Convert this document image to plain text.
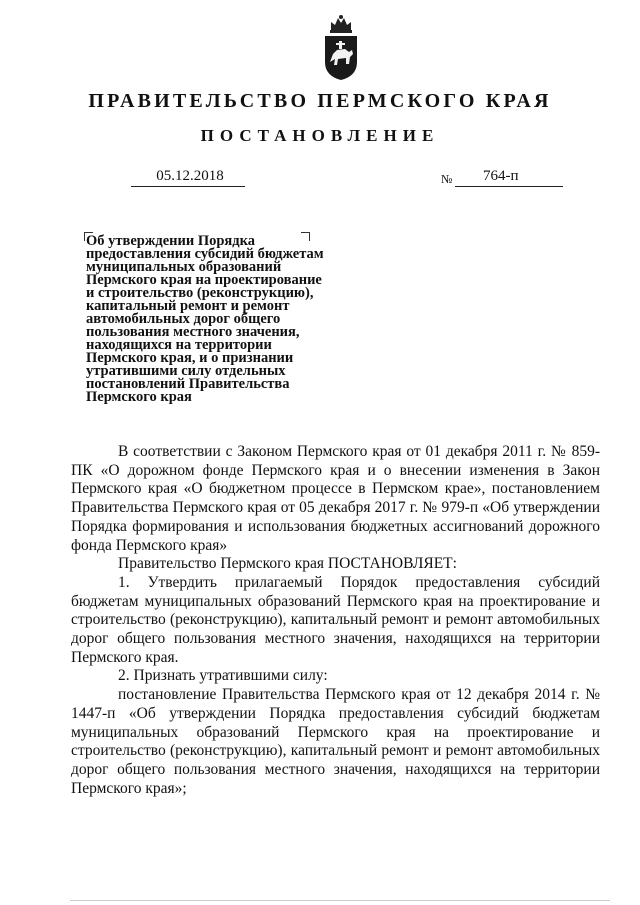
ПРАВИТЕЛЬСТВО ПЕРМСКОГО КРАЯ
ПОСТАНОВЛЕНИЕ
05.12.2018	№	764-п
Об утверждении Порядка
предоставления субсидий бюджетам
муниципальных образований
Пермского края на проектирование
и строительство (реконструкцию),
капитальный ремонт и ремонт
автомобильных дорог общего
пользования местного значения,
находящихся на территории
Пермского края, и о признании
утратившими силу отдельных
постановлений Правительства
Пермского края

В соответствии с Законом Пермского края от 01 декабря 2011 г. № 859-ПК «О дорожном фонде Пермского края и о внесении изменения в Закон Пермского края «О бюджетном процессе в Пермском крае», постановлением Правительства Пермского края от 05 декабря 2017 г. № 979-п «Об утверждении Порядка формирования и использования бюджетных ассигнований дорожного фонда Пермского края»

Правительство Пермского края ПОСТАНОВЛЯЕТ:

1. Утвердить прилагаемый Порядок предоставления субсидий бюджетам муниципальных образований Пермского края на проектирование и строительство (реконструкцию), капитальный ремонт и ремонт автомобильных дорог общего пользования местного значения, находящихся на территории Пермского края.

2. Признать утратившими силу:

постановление Правительства Пермского края от 12 декабря 2014 г. № 1447-п «Об утверждении Порядка предоставления субсидий бюджетам муниципальных образований Пермского края на проектирование и строительство (реконструкцию), капитальный ремонт и ремонт автомобильных дорог общего пользования местного значения, находящихся на территории Пермского края»;
